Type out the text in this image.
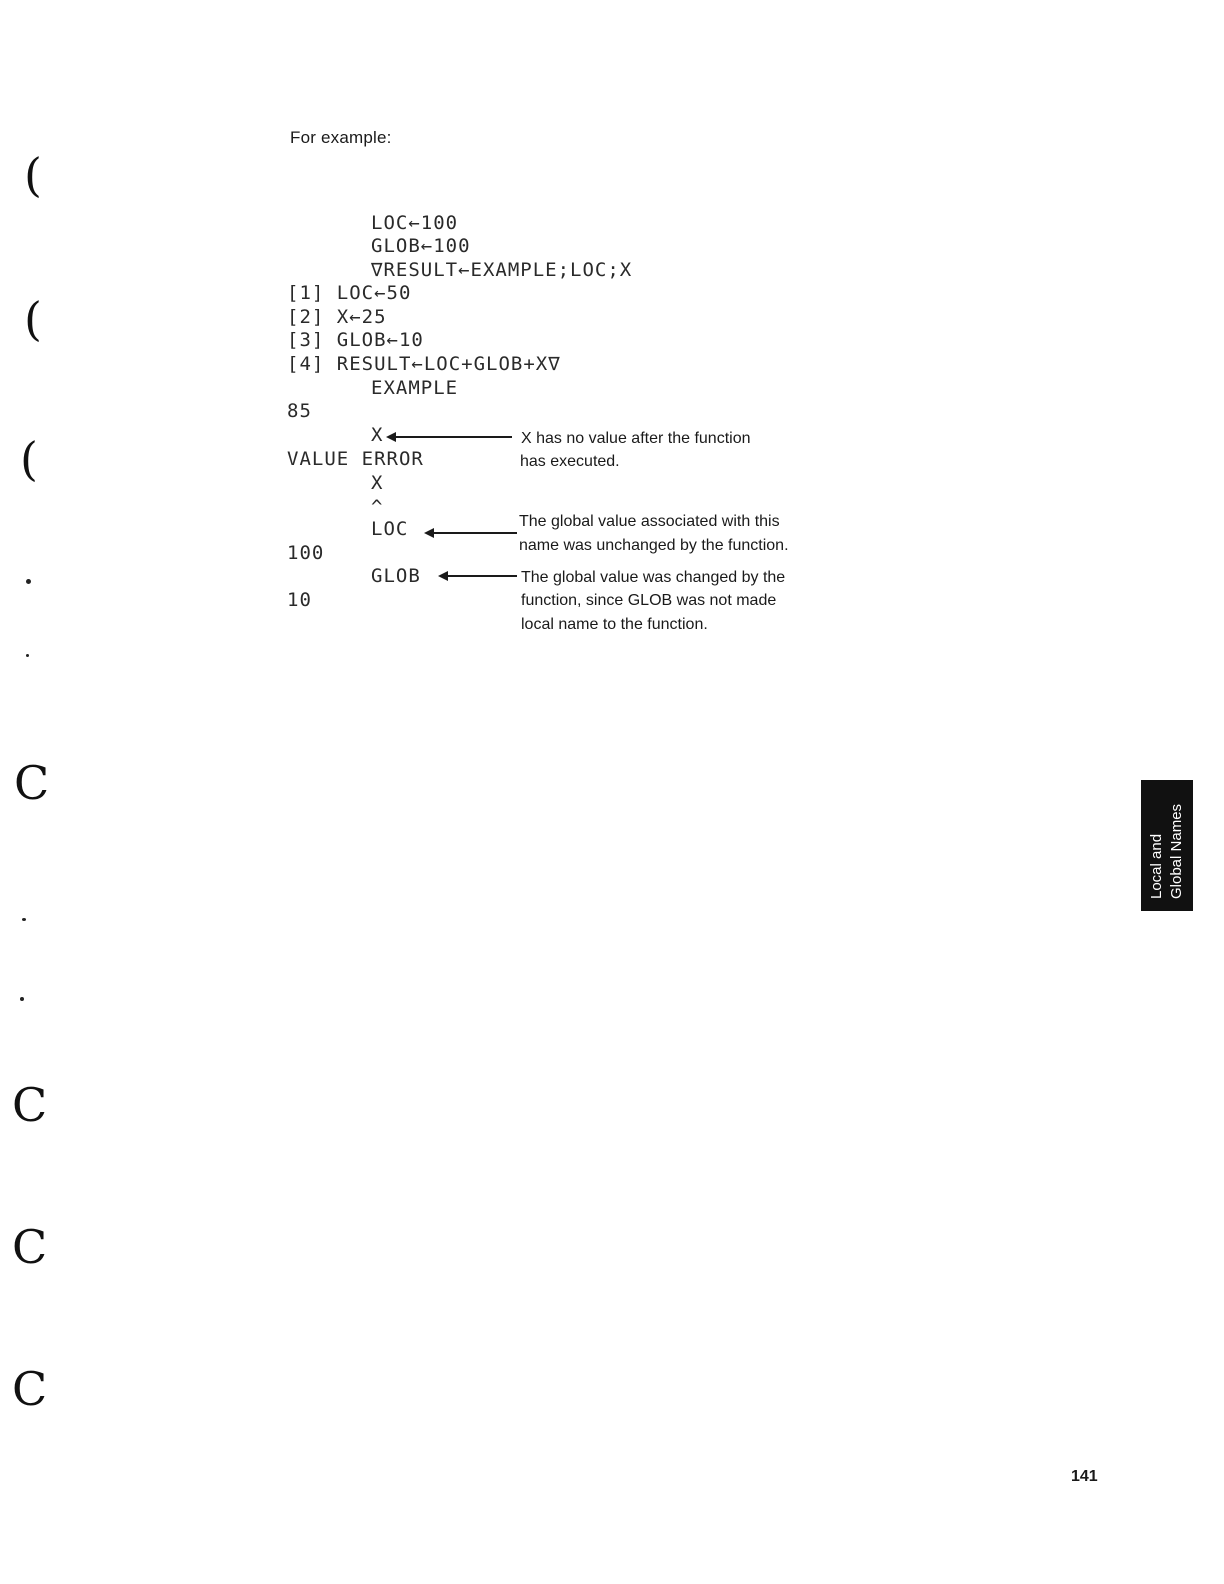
(
(
(
C
C
C
C
For example:
LOC←100
GLOB←100
∇RESULT←EXAMPLE;LOC;X
[1] LOC←50
[2] X←25
[3] GLOB←10
[4] RESULT←LOC+GLOB+X∇
EXAMPLE
85
X
VALUE ERROR
X
^
LOC
100
GLOB
10
X has no value after the function
has executed.
The global value associated with this
name was unchanged by the function.
The global value was changed by the
function, since GLOB was not made
local name to the function.
Local and Global Names
141
